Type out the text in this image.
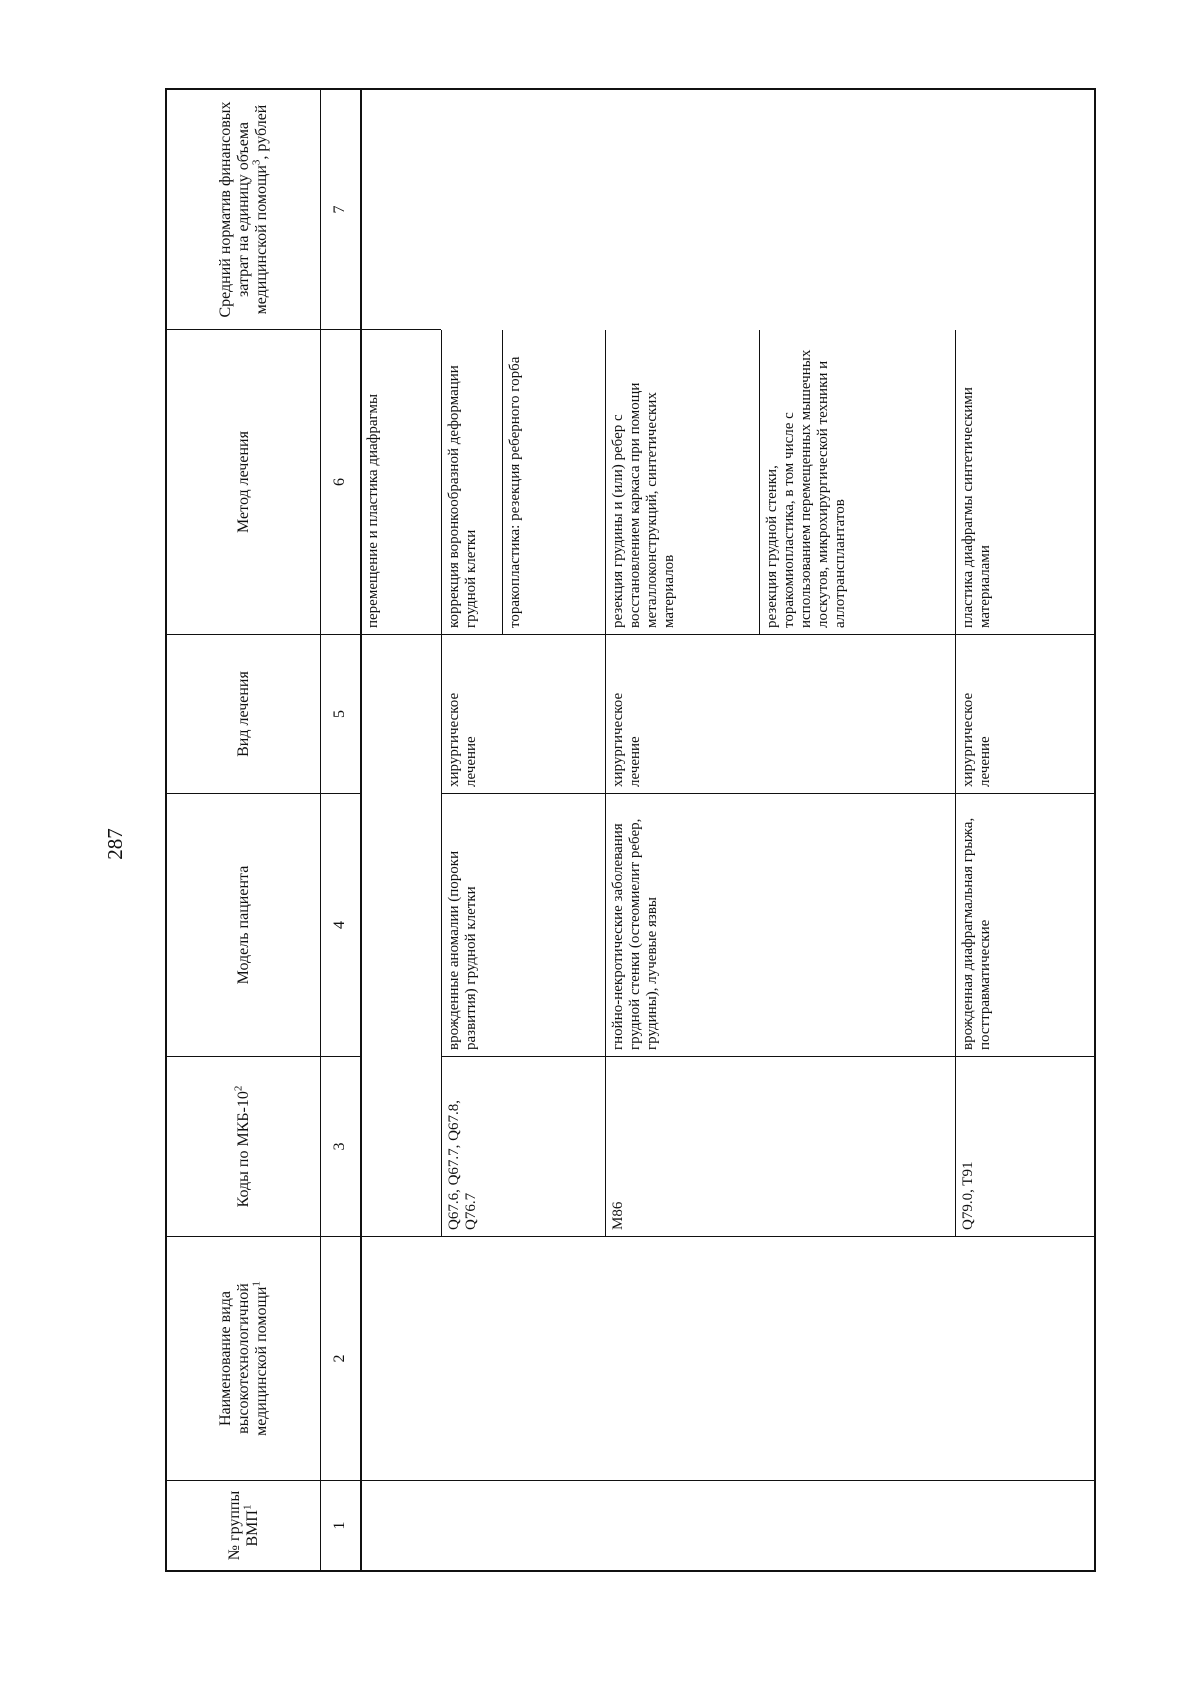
287
№ группы ВМП$^1$
Наименование вида высокотехнологичной медицинской помощи$^1$
Коды по МКБ-$10^2$
Модель пациента
Вид лечения
Метод лечения
Средний норматив финансовых затрат на единицу объема медицинской помощи$^3$, рублей
1
2
3
4
5
6
7
перемещение и пластика диафрагмы
Q67.6, Q67.7, Q67.8, Q76.7
врожденные аномалии (пороки развития) грудной клетки
хирургическое лечение
коррекция воронкообразной деформации грудной клетки торакопластика: резекция реберного горба
M86
гнойно-некротические заболевания грудной стенки (остеомиелит ребер, грудины), лучевые язвы
хирургическое лечение
резекция грудины и (или) ребер с восстановлением каркаса при помощи металлоконструкций, синтетических материалов	резекция грудной стенки, торакомиопластика, в том числе с использованием перемещенных мышечных лоскутов, микрохирургической техники и аллотрансплантатов
Q79.0, T91
врожденная диафрагмальная грыжа, посттравматические
хирургическое лечение
пластика диафрагмы синтетическими материалами
